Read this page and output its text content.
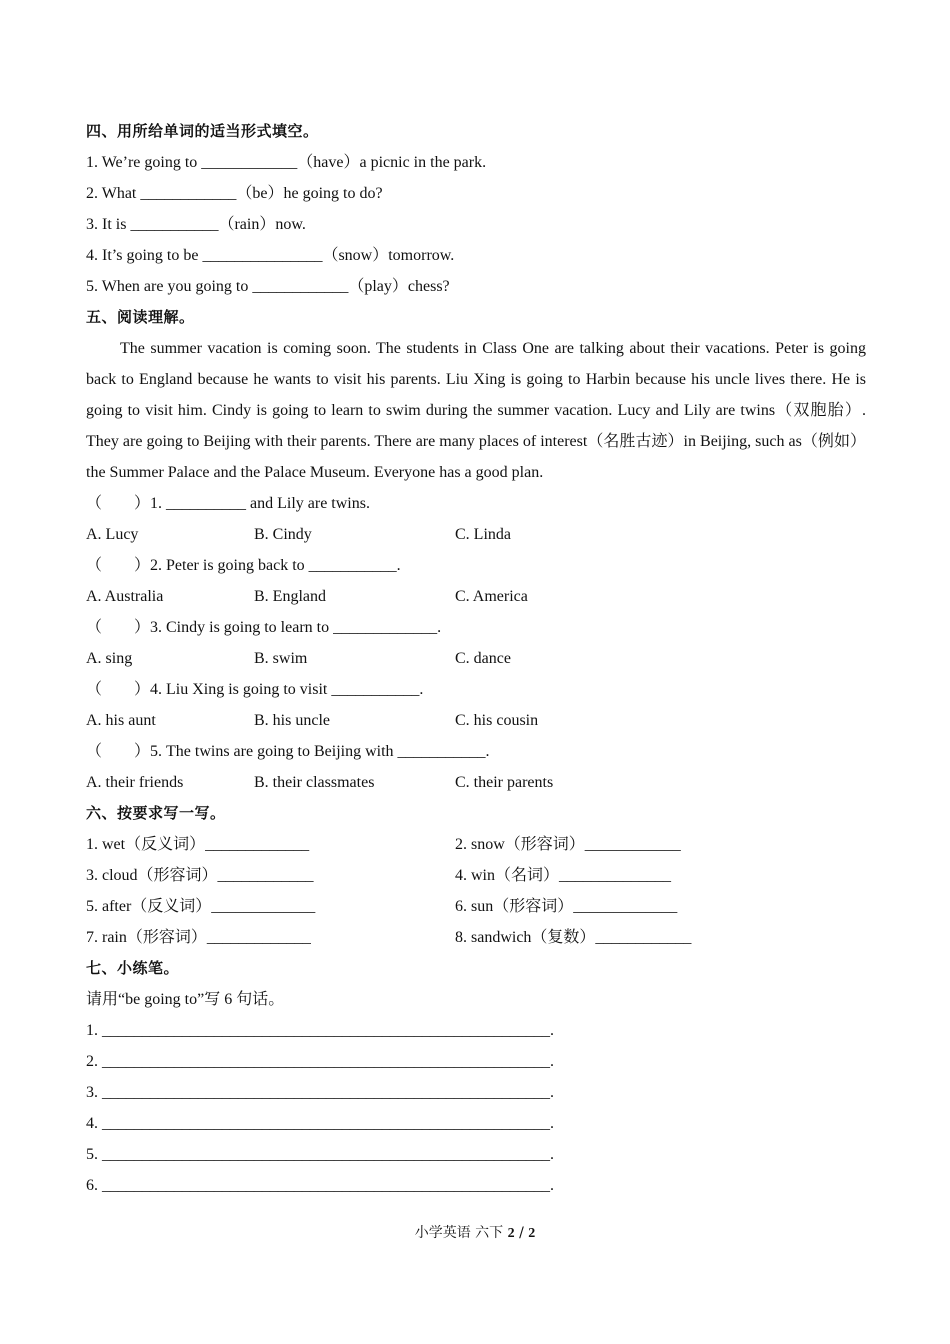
四、用所给单词的适当形式填空。
1. We’re going to ____________（have）a picnic in the park.
2. What ____________（be）he going to do?
3. It is ___________（rain）now.
4. It’s going to be _______________（snow）tomorrow.
5. When are you going to ____________（play）chess?
五、阅读理解。
The summer vacation is coming soon. The students in Class One are talking about their vacations. Peter is going back to England because he wants to visit his parents. Liu Xing is going to Harbin because his uncle lives there. He is going to visit him. Cindy is going to learn to swim during the summer vacation. Lucy and Lily are twins（双胞胎）. They are going to Beijing with their parents. There are many places of interest（名胜古迹）in Beijing, such as（例如）the Summer Palace and the Palace Museum. Everyone has a good plan.
（　　）1. __________ and Lily are twins.
A. Lucy	B. Cindy	C. Linda
（　　）2. Peter is going back to ___________.
A. Australia	B. England	C. America
（　　）3. Cindy is going to learn to _____________.
A. sing	B. swim	C. dance
（　　）4. Liu Xing is going to visit ___________.
A. his aunt	B. his uncle	C. his cousin
（　　）5. The twins are going to Beijing with ___________.
A. their friends	B. their classmates	C. their parents
六、按要求写一写。
1. wet（反义词）_____________	2. snow（形容词）____________
3. cloud（形容词）____________	4. win（名词）______________
5. after（反义词）_____________	6. sun（形容词）_____________
7. rain（形容词）_____________	8. sandwich（复数）____________
七、小练笔。
请用“be going to”写 6 句话。
1. ________________________________________________________.
2. ________________________________________________________.
3. ________________________________________________________.
4. ________________________________________________________.
5. ________________________________________________________.
6. ________________________________________________________.
小学英语 六下 2 / 2
